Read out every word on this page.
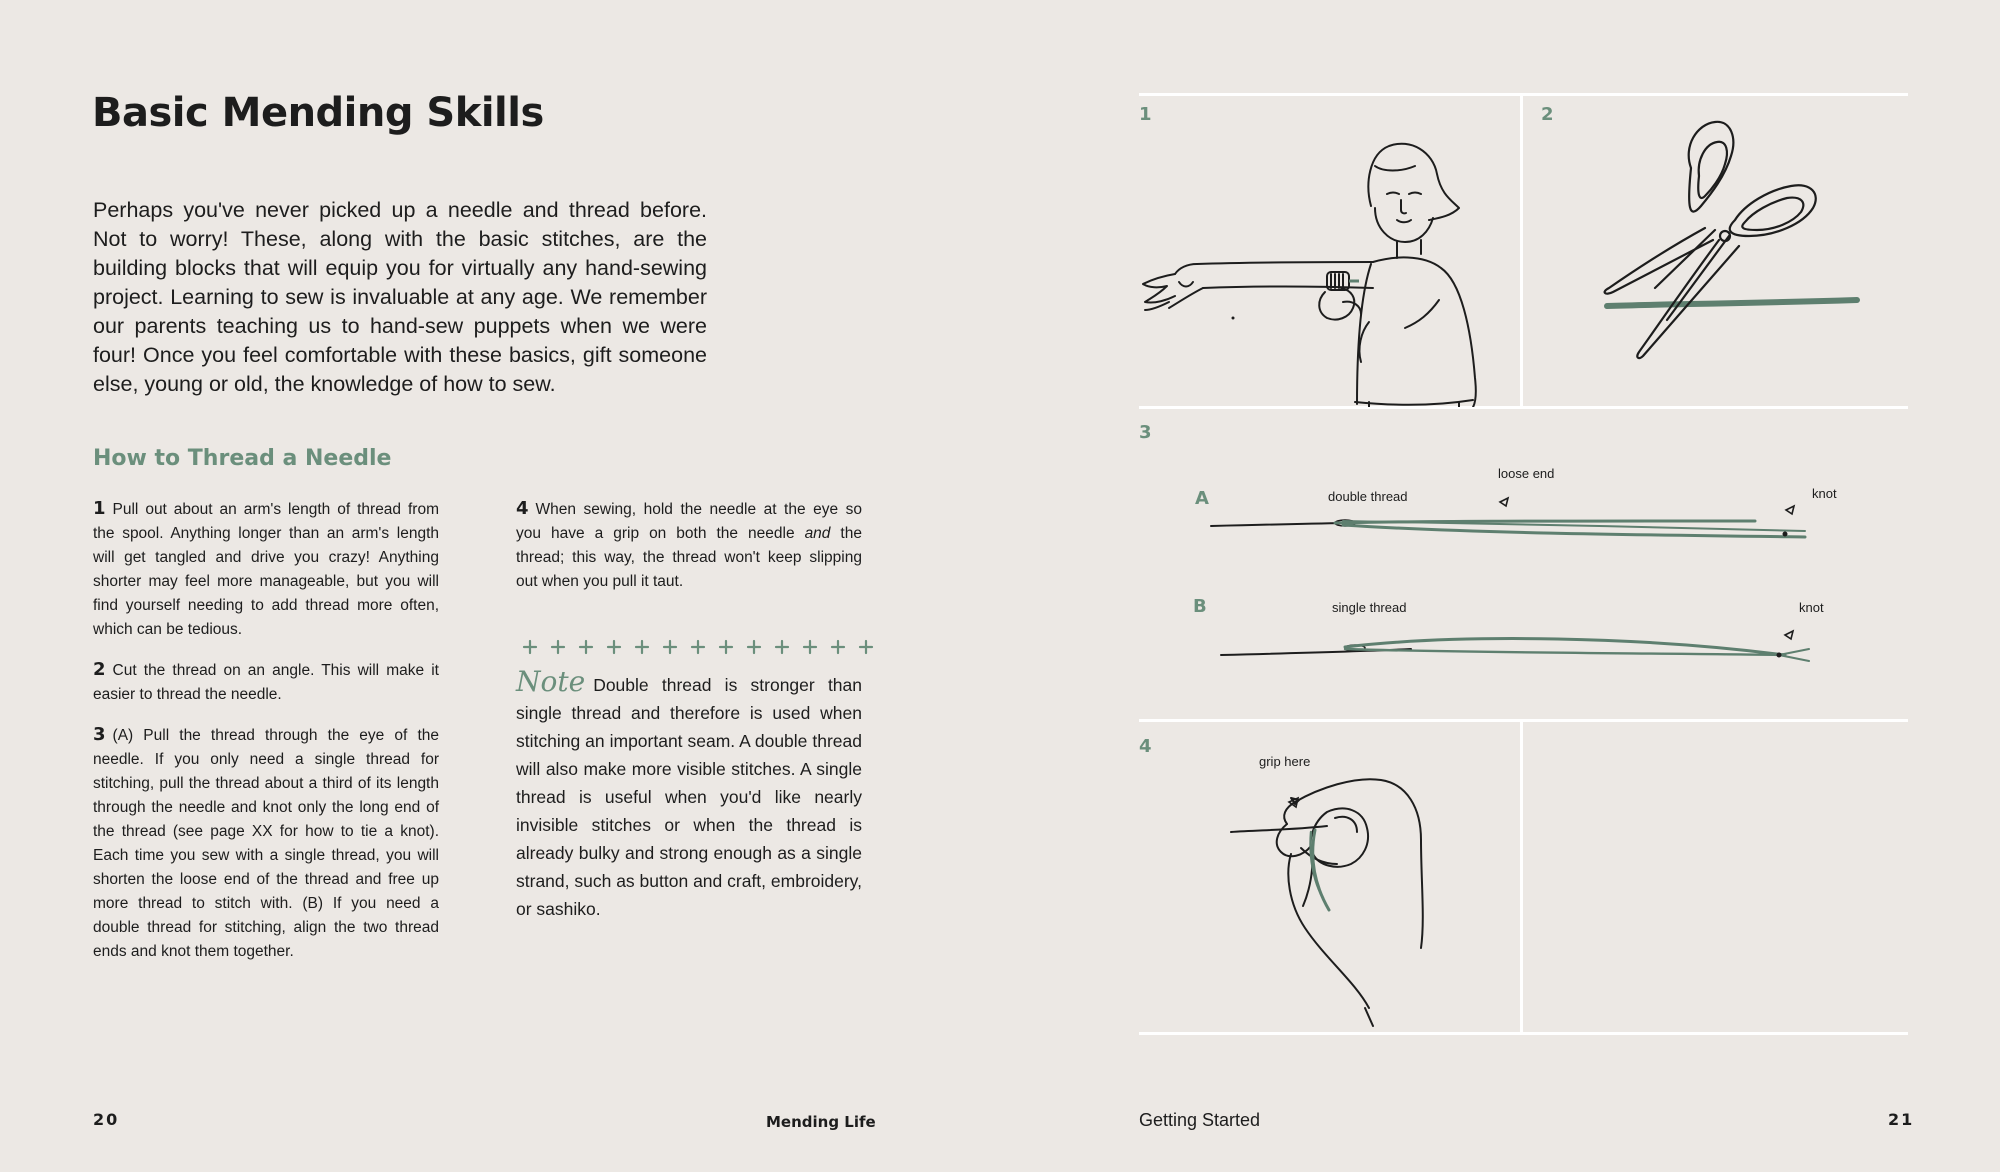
Basic Mending Skills

Perhaps you've never picked up a needle and thread before. Not to worry! These, along with the basic stitches, are the building blocks that will equip you for virtually any hand-sewing project. Learning to sew is invaluable at any age. We remember our parents teaching us to hand-sew puppets when we were four! Once you feel comfortable with these basics, gift someone else, young or old, the knowledge of how to sew.

How to Thread a Needle

1 Pull out about an arm's length of thread from the spool. Anything longer than an arm's length will get tangled and drive you crazy! Anything shorter may feel more manageable, but you will find yourself needing to add thread more often, which can be tedious.

2 Cut the thread on an angle. This will make it easier to thread the needle.

3 (A) Pull the thread through the eye of the needle. If you only need a single thread for stitching, pull the thread about a third of its length through the needle and knot only the long end of the thread (see page XX for how to tie a knot). Each time you sew with a single thread, you will shorten the loose end of the thread and free up more thread to stitch with. (B) If you need a double thread for stitching, align the two thread ends and knot them together.

4 When sewing, hold the needle at the eye so you have a grip on both the needle and the thread; this way, the thread won't keep slipping out when you pull it taut.

Note Double thread is stronger than single thread and therefore is used when stitching an important seam. A double thread will also make more visible stitches. A single thread is useful when you'd like nearly invisible stitches or when the thread is already bulky and strong enough as a single strand, such as button and craft, embroidery, or sashiko.

20	Mending Life
1	2
3
4
A
B
loose end
double thread	knot
single thread	knot
grip here
Getting Started	21
